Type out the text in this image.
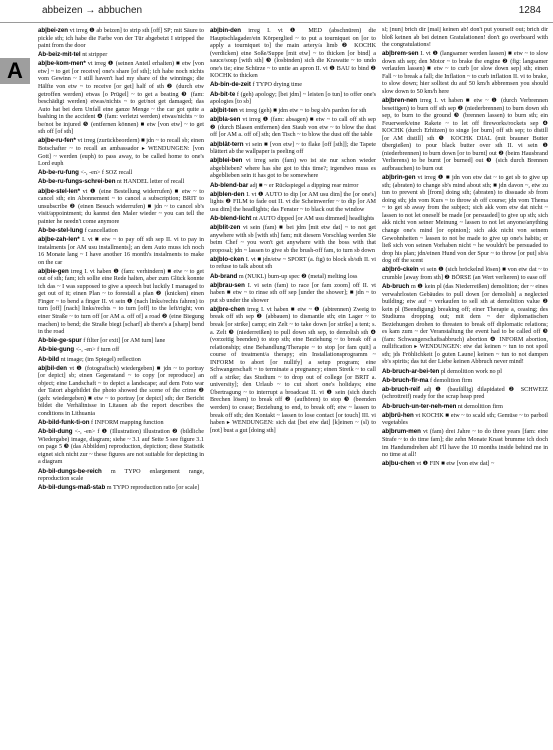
abbeizen → abbuchen	1284
A

ab|bei-zen vt irreg ❶ ab beizen] to strip sth [off] SP; mit Säure to pickle sth; ich habe die Farbe von der Tür abgebeizt I stripped the paint from the door

Ab-beiz-mit-tel nt stripper

ab|be-kom-men* vt irreg ❶ (seinen Anteil erhalten) ■ etw [von etw] ~ to get [or receive] one's share [of sth]; ich habe noch nichts vom Gewinn ~ I still haven't had my share of the winnings; die Hälfte von etw ~ to receive [or get] half of sth ❷ (durch etw getroffen werden) etwas [o Prügel] ~ to get a beating ❸ (fam: beschädigt werden) etwas/nichts ~ to get/not get damaged; das Auto hat bei dem Unfall eine ganze Menge ~ the car got quite a bashing in the accident ❹ (fam: verletzt werden) etwas/nichts ~ to be/not be injured ❺ (entfernen können) ■ etw [von etw] ~ to get sth off [of sth]

ab|be-ru-fen* vt irreg (zurückbeordern) ■ jdn ~ to recall sb; einen Botschafter ~ to recall an ambassador ▸ WENDUNGEN: [von Gott] ~ werden (euph) to pass away, to be called home to one's Lord euph

Ab-be-ru-fung <-, -en> f SOZ recall

Ab-be-ru-fungs-schrei-ben nt HANDEL letter of recall

ab|be-stel-len* vt ❶ (eine Bestellung widerrufen) ■ etw ~ to cancel sth; ein Abonnement ~ to cancel a subscription; BRIT to unsubscribe ❷ (einen Besuch widerrufen) ■ jdn ~ to cancel sb's visit/appointment; du kannst den Maler wieder ~ you can tell the painter he needn't come anymore

Ab-be-stel-lung f cancellation

ab|be-zah-len* I. vt ■ etw ~ to pay off sth sep II. vi to pay in instalments [or AM usu installments]; an dem Auto muss ich noch 16 Monate lang ~ I have another 16 month's instalments to make on the car

ab|bie-gen irreg I. vt haben ❶ (fam: verhindern) ■ etw ~ to get out of sth; fam; ich sollte eine Rede halten, aber zum Glück konnte ich das ~ I was supposed to give a speech but luckily I managed to get out of it; einen Plan ~ to forestall a plan ❷ (knicken) einen Finger ~ to bend a finger II. vi sein ❶ (nach links/rechts fahren) to turn [off] [nach] links/rechts ~ to turn [off] to the left/right; von einer Straße ~ to turn off [or AM a. off of] a road ❷ (eine Biegung machen) to bend; die Straße biegt [scharf] ab there's a [sharp] bend in the road

Ab-bie-ge-spur f filter [or exit] [or AM turn] lane

Ab-bie-gung <-, -en> f turn off

Ab-bild nt image; (im Spiegel) reflection

ab|bil-den vt ❶ (fotografisch) wiedergeben) ■ jdn ~ to portray [or depict] sb; einen Gegenstand ~ to copy [or reproduce] an object; eine Landschaft ~ to depict a landscape; auf dem Foto war der Tatort abgebildet the photo showed the scene of the crime ❷ (geh: wiedergeben) ■ etw ~ to portray [or depict] sth; der Bericht bildet die Verhältnisse in Litauen ab the report describes the conditions in Lithuania

Ab-bild-funk-ti-on f INFORM mapping function

Ab-bil-dung <-, -en> f ❶ (Illustration) illustration ❷ (bildliche Wiedergabe) image, diagram; siehe ~ 3.1 auf Seite 5 see figure 3.1 on page 5 ❸ (das Abbilden) reproduction, depiction; diese Statistik eignet sich nicht zur ~ these figures are not suitable for depicting in a diagram

Ab-bil-dungs-be-reich m TYPO enlargement range, reproduction scale

Ab-bil-dungs-maß-stab m TYPO reproduction ratio [or scale]

ab|bin-den irreg I. vt ❶ MED (abschnüren) die Hauptschlagader/ein Körperglied ~ to put a tourniquet on [or to apply a tourniquet to] the main artery/a limb ❷ KOCHK (verdicken) eine Soße/Suppe [mit etw] ~ to thicken [or bind] a sauce/soup [with sth] ❸ (losbinden) sich die Krawatte ~ to undo one's tie; eine Schürze ~ to untie an apron II. vi ❶ BAU to bind ❷ KOCHK to thicken

Ab-bin-de-zeit f TYPO drying time

Ab-bit-te f (geh) apology; [bei jdm] ~ leisten [o tun] to offer one's apologies [to sb]

ab|bit-ten vt irreg (geh) ■ jdm etw ~ to beg sb's pardon for sth

ab|bla-sen vt irreg ❶ (fam: absagen) ■ etw ~ to call off sth sep ❷ (durch Blasen entfernen) den Staub von etw ~ to blow the dust off [or AM a. off of] sth; den Tisch ~ to blow the dust off the table

ab|blät-tern vi sein ■ [von etw] ~ to flake [off [sth]]; die Tapete blättert ab the wallpaper is peeling off

ab|blei-ben vi irreg sein (fam) wo ist sie nur schon wieder abgeblieben? where has she got to this time?; irgendwo muss es abgeblieben sein it has got to be somewhere

Ab-blend-bar adj ■ ~ er Rückspiegel a dipping rear mirror

ab|blen-den I. vt ❶ AUTO to dip [or AM usu dim] the [or one's] lights ❷ FILM to fade out II. vt die Scheinwerfer ~ to dip [or AM usu dim] the headlights; das Fenster ~ to black out the window

Ab-blend-licht nt AUTO dipped [or AM usu dimmed] headlights

ab|blit-zen vi sein (fam) ■ bei jdm [mit etw dat] ~ to not get anywhere with sb [with sth] fam; mit diesem Vorschlag werden Sie beim Chef ~ you won't get anywhere with the boss with that proposal; jdn ~ lassen to give sb the brush-off fam, to turn sb down

ab|blo-cken I. vt ■ jdn/etw ~ SPORT (a. fig) to block sb/sth II. vi to refuse to talk about sth

Ab-brand m (NUKL) burn-up spec ❷ (metal) melting loss

ab|brau-sen I. vi sein (fam) to race [or fam zoom] off II. vt haben ■ etw ~ to rinse sth off sep [under the shower]; ■ jdn ~ to put sb under the shower

ab|bre-chen irreg I. vt haben ■ etw ~ ❶ (abtrennen) Zweig to break off sth sep ❷ (abbauen) to dismantle sth; ein Lager ~ to break [or strike] camp; ein Zelt ~ to take down [or strike] a tent; s. a. Zelt ❸ (niederreißen) to pull down sth sep, to demolish sth ❹ (vorzeitig beenden) to stop sth; eine Beziehung ~ to break off a relationship; eine Behandlung/Therapie ~ to stop [or fam quit] a course of treatment/a therapy; ein Installationsprogramm ~ INFORM to abort [or nullify] a setup program; eine Schwangerschaft ~ to terminate a pregnancy; einen Streik ~ to call off a strike; das Studium ~ to drop out of college [or BRIT a. university]; den Urlaub ~ to cut short one's holidays; eine Übertragung ~ to interrupt a broadcast II. vi ❶ sein (sich durch Brechen lösen) to break off ❷ (aufhören) to stop ❸ (beenden werden) to cease; Beziehung to end, to break off; etw ~ lassen to break off sth; den Kontakt ~ lassen to lose contact [or touch] III. vi haben ▸ WENDUNGEN: sich dat [bei etw dat] [k]einen ~ (sl) to [not] bust a gut [doing sth]

sl; [nun] brich dir [mal] keinen ab! don't put yourself out; brich dir bloß keinen ab bei deinen Gratulationen! don't go overboard with the congratulations!

ab|brem-sen I. vt ❶ (langsamer werden lassen) ■ etw ~ to slow down sth sep; den Motor ~ to brake the engine ❷ (fig: langsamer verlaufen lassen) ■ etw ~ to curb [or slow down sep] sth; einen Fall ~ to break a fall; die Inflation ~ to curb inflation II. vi to brake, to slow down; hier solltest du auf 50 km/h abbremsen you should slow down to 50 km/h here

ab|bren-nen irreg I. vt haben ■ etw ~ ❶ (durch Verbrennen beseitigen) to burn off sth sep ❷ (niederbrennen) to burn down sth sep, to burn to the ground ❸ (brennen lassen) to burn sth; ein Feuerwerk/eine Rakete ~ to let off fireworks/rockets sep ❹ KOCHK (durch Erhitzen) to singe [or burn] off sth sep; to distill [or AM distill] sth ❺ KOCHK DIAL (mit brauner Butter übergießen) to pour black butter over sth II. vi sein ❶ (niederbrennen) to burn down [or to burnt] out ❷ (beim Hausbrand Verlierens) to be burnt [or burned] out ❸ (sich durch Brennen aufbrauchen) to burn out

ab|brin-gen vt irreg ❶ ■ jdn von etw dat ~ to get sb to give up sth; (abraten) to change sb's mind about sth; ■ jdn davon ~, etw zu tun to prevent sb [from] doing sth; (abraten) to dissuade sb from doing sth; jdn vom Kurs ~ to throw sb off course; jdn vom Thema ~ to get sb away from the subject; sich akk vom etw dat nicht ~ lassen to not let oneself be made [or persuaded] to give up sth; sich akk nicht von seiner Meinung ~ lassen to not let anyone/anything change one's mind [or opinion]; sich akk nicht von seinem Gewohnheiten ~ lassen to not be made to give up one's habits; er ließ sich von seinen Vorhaben nicht ~ he wouldn't be persuaded to drop his plan; jdn/einen Hund von der Spur ~ to throw [or put] sb/a dog off the scent

ab|brö-ckeln vi sein ❶ (sich bröckelnd lösen) ■ von etw dat ~ to crumble [away from sth] ❷ BÖRSE (an Wert verlieren) to ease off

Ab-bruch m ❶ kein pl (das Niederreißen) demolition; der ~ eines verwahrlosten Gebäudes to pull down [or demolish] a neglected building; etw auf ~ verkaufen to sell sth at demolition value ❷ kein pl (Beendigung) breaking off; einer Therapie a, ceasing; des Studiums dropping out; mit dem ~ der diplomatischen Beziehungen drohen to threaten to break off diplomatic relations; es kam zum ~ der Veranstaltung the event had to be called off ❸ (fam: Schwangerschaftsabbruch) abortion ❹ INFORM abortion, nullification ▸ WENDUNGEN: etw dat keinen ~ tun to not spoil sth; jds Fröhlichkeit [o guten Laune] keinen ~ tun to not dampen sb's spirits; das tut der Liebe keinen Abbruch never mind!

Ab-bruch-ar-bei-ten pl demolition work no pl

Ab-bruch-fir-ma f demolition firm

ab-bruch-reif adj ❶ (baufällig) dilapidated ❷ SCHWEIZ (schrottreif) ready for the scrap heap pred

Ab-bruch-un-ter-neh-men nt demolition firm

ab|brü-hen vt KOCHK ■ etw ~ to scald sth; Gemüse ~ to parboil vegetables

ab|brum-men vt (fam) drei Jahre ~ to do three years [fam: eine Strafe ~ to do time fam]; die zehn Monate Knast brumme ich doch im Handumdrehen ab! I'll have the 10 months inside behind me in no time at all!

ab|bu-chen vt ❶ FIN ■ etw [von etw dat] ~
